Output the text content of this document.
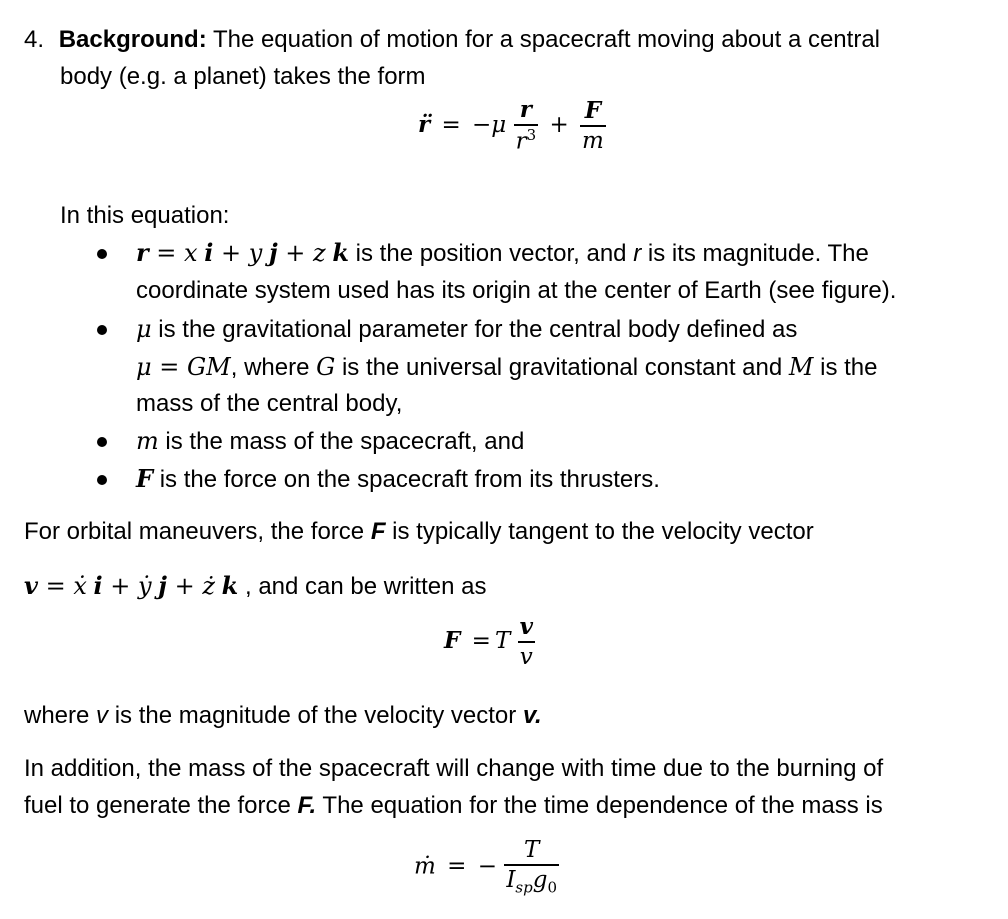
4. Background: The equation of motion for a spacecraft moving about a central
body (e.g. a planet) takes the form
r̈ = $-\mu \frac{r}{r^3} + \frac{F}{m}$
In this equation:
r = x i + y j + z k is the position vector, and r is its magnitude. The
coordinate system used has its origin at the center of Earth (see figure).
μ is the gravitational parameter for the central body defined as
μ = GM, where G is the universal gravitational constant and M is the
mass of the central body,
m is the mass of the spacecraft, and
F is the force on the spacecraft from its thrusters.
For orbital maneuvers, the force F is typically tangent to the velocity vector
v = ẋ i + ẏ j + ż k , and can be written as
F = T $\frac{v}{v}$
where v is the magnitude of the velocity vector v.
In addition, the mass of the spacecraft will change with time due to the burning of
fuel to generate the force F. The equation for the time dependence of the mass is
ṁ = − $\frac{T}{I_{sp}g_0}$
